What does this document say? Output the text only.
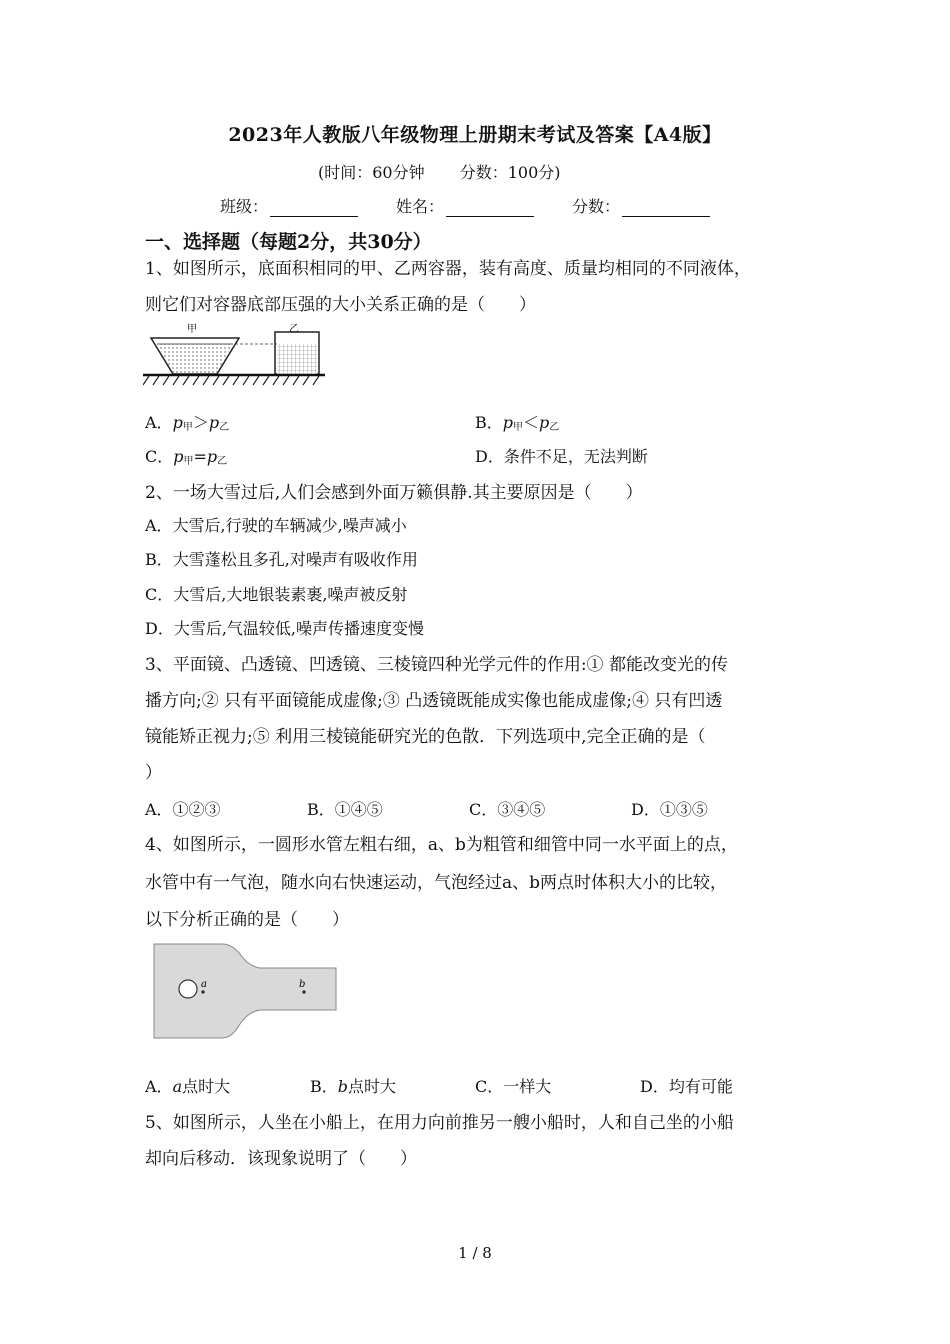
2023年人教版八年级物理上册期末考试及答案【A4版】
(时间：60分钟 分数：100分)
班级：	姓名：	分数：
一、选择题（每题2分，共30分）
1、如图所示，底面积相同的甲、乙两容器，装有高度、质量均相同的不同液体，
则它们对容器底部压强的大小关系正确的是（　　）
甲	乙
A．$p_甲>p_乙$	B．$p_甲<p_乙$
C．$p_甲=p_乙$	D．条件不足，无法判断
2、一场大雪过后,人们会感到外面万籁俱静.其主要原因是（　　）
A．大雪后,行驶的车辆减少,噪声减小
B．大雪蓬松且多孔,对噪声有吸收作用
C．大雪后,大地银装素裹,噪声被反射
D．大雪后,气温较低,噪声传播速度变慢
3、平面镜、凸透镜、凹透镜、三棱镜四种光学元件的作用:① 都能改变光的传
播方向;② 只有平面镜能成虚像;③ 凸透镜既能成实像也能成虚像;④ 只有凹透
镜能矫正视力;⑤ 利用三棱镜能研究光的色散．下列选项中,完全正确的是（
）
A．①②③	B．①④⑤	C．③④⑤	D．①③⑤
4、如图所示，一圆形水管左粗右细，a、b为粗管和细管中同一水平面上的点，
水管中有一气泡，随水向右快速运动，气泡经过a、b两点时体积大小的比较，
以下分析正确的是（　　）
a	b
A．a点时大	B．b点时大	C．一样大	D．均有可能
5、如图所示，人坐在小船上，在用力向前推另一艘小船时，人和自己坐的小船
却向后移动．该现象说明了（　　）
1 / 8
